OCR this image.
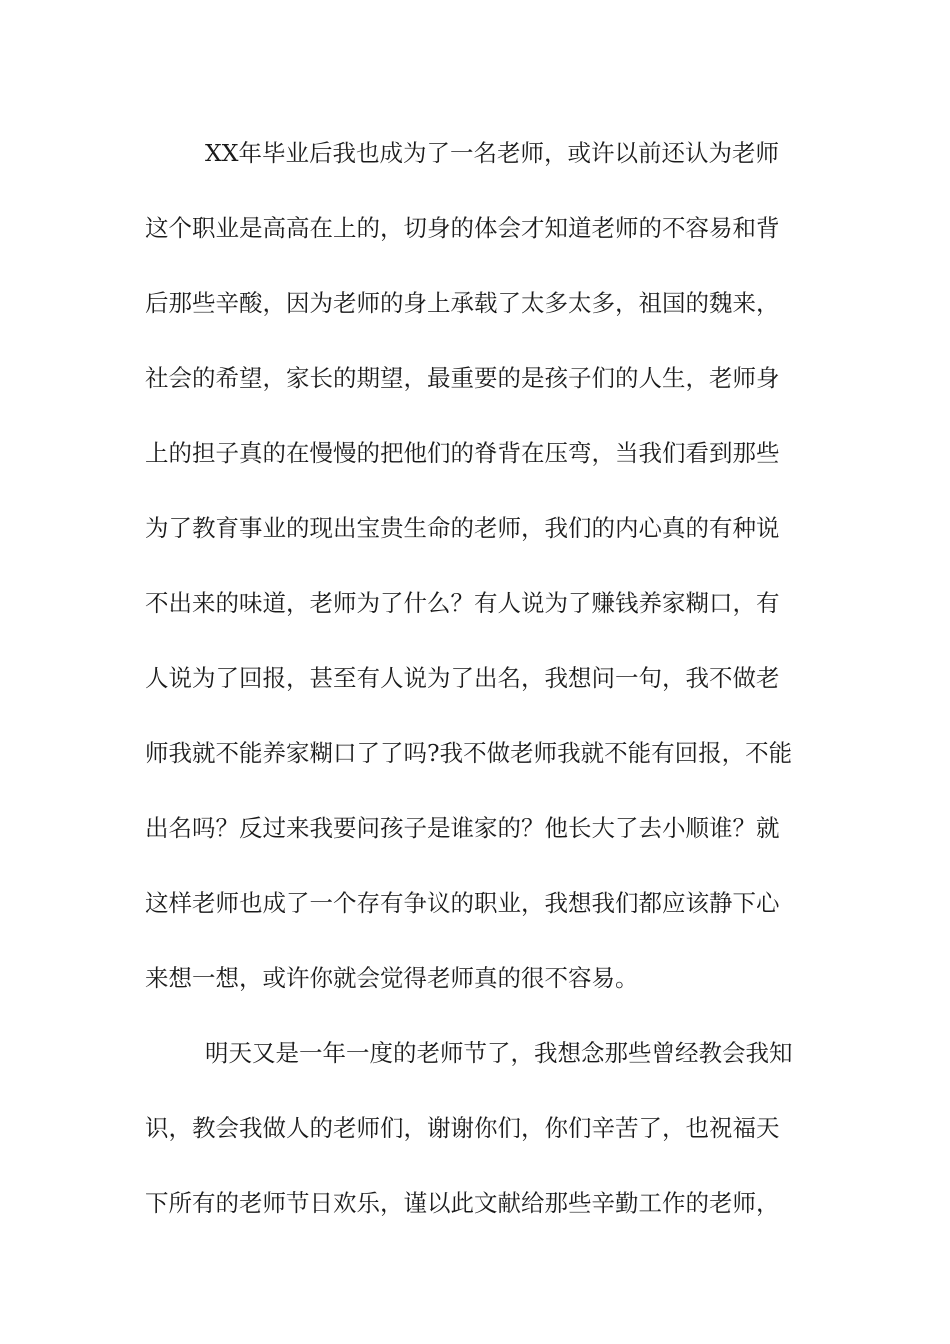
XX年毕业后我也成为了一名老师，或许以前还认为老师
这个职业是高高在上的，切身的体会才知道老师的不容易和背
后那些辛酸，因为老师的身上承载了太多太多，祖国的魏来，
社会的希望，家长的期望，最重要的是孩子们的人生，老师身
上的担子真的在慢慢的把他们的脊背在压弯，当我们看到那些
为了教育事业的现出宝贵生命的老师，我们的内心真的有种说
不出来的味道，老师为了什么？有人说为了赚钱养家糊口，有
人说为了回报，甚至有人说为了出名，我想问一句，我不做老
师我就不能养家糊口了了吗?我不做老师我就不能有回报，不能
出名吗？反过来我要问孩子是谁家的？他长大了去小顺谁？就
这样老师也成了一个存有争议的职业，我想我们都应该静下心
来想一想，或许你就会觉得老师真的很不容易。
明天又是一年一度的老师节了，我想念那些曾经教会我知
识，教会我做人的老师们，谢谢你们，你们辛苦了，也祝福天
下所有的老师节日欢乐，谨以此文献给那些辛勤工作的老师，
